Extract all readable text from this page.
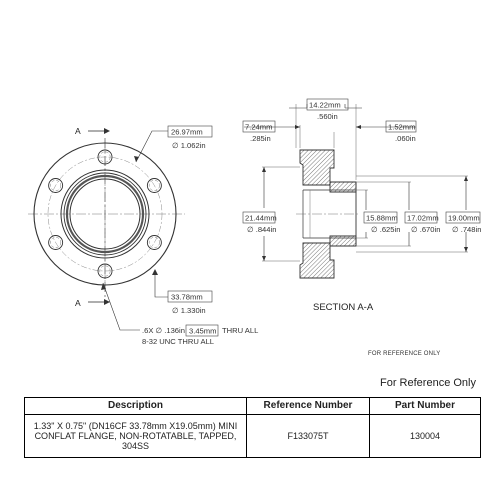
A
A
26.97mm
∅ 1.062in
33.78mm
∅ 1.330in
.6X ∅ .136in 3.45mm THRU ALL
8-32 UNC THRU ALL
14.22mm
.560in
7.24mm
.285in
1.52mm
.060in
21.44mm
∅ .844in
15.88mm
∅ .625in
17.02mm
∅ .670in
19.00mm
∅ .748in
SECTION A-A
FOR REFERENCE ONLY
For Reference Only
Description	Reference Number	Part Number
1.33" X 0.75" (DN16CF 33.78mm X19.05mm) MINI CONFLAT FLANGE, NON-ROTATABLE, TAPPED, 304SS	F133075T	130004
